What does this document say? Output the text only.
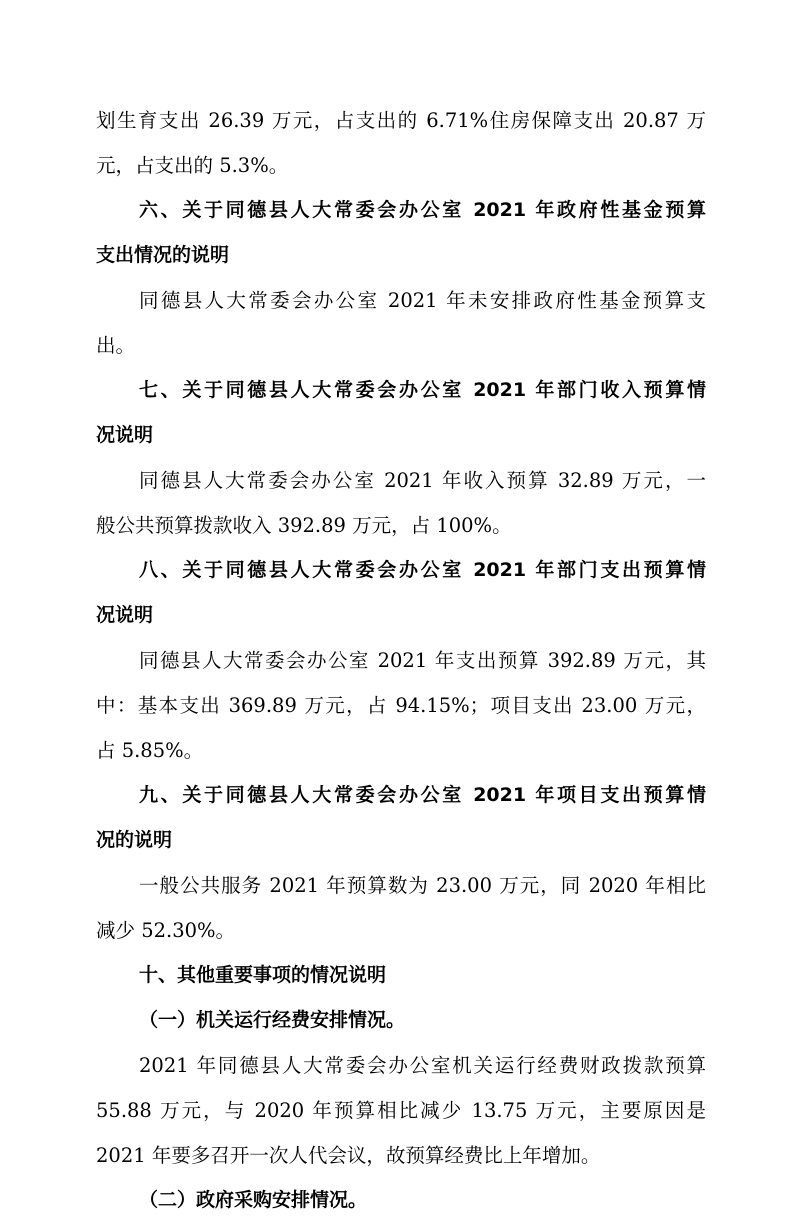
划生育支出 26.39 万元，占支出的 6.71%住房保障支出 20.87 万
元，占支出的 5.3%。
六、关于同德县人大常委会办公室 2021 年政府性基金预算
支出情况的说明
同德县人大常委会办公室 2021 年未安排政府性基金预算支
出。
七、关于同德县人大常委会办公室 2021 年部门收入预算情
况说明
同德县人大常委会办公室 2021 年收入预算 32.89 万元，一
般公共预算拨款收入 392.89 万元，占 100%。
八、关于同德县人大常委会办公室 2021 年部门支出预算情
况说明
同德县人大常委会办公室 2021 年支出预算 392.89 万元，其
中：基本支出 369.89 万元，占 94.15%；项目支出 23.00 万元，
占 5.85%。
九、关于同德县人大常委会办公室 2021 年项目支出预算情
况的说明
一般公共服务 2021 年预算数为 23.00 万元，同 2020 年相比
减少 52.30%。
十、其他重要事项的情况说明
（一）机关运行经费安排情况。
2021 年同德县人大常委会办公室机关运行经费财政拨款预算
55.88 万元，与 2020 年预算相比减少 13.75 万元，主要原因是
2021 年要多召开一次人代会议，故预算经费比上年增加。
（二）政府采购安排情况。
